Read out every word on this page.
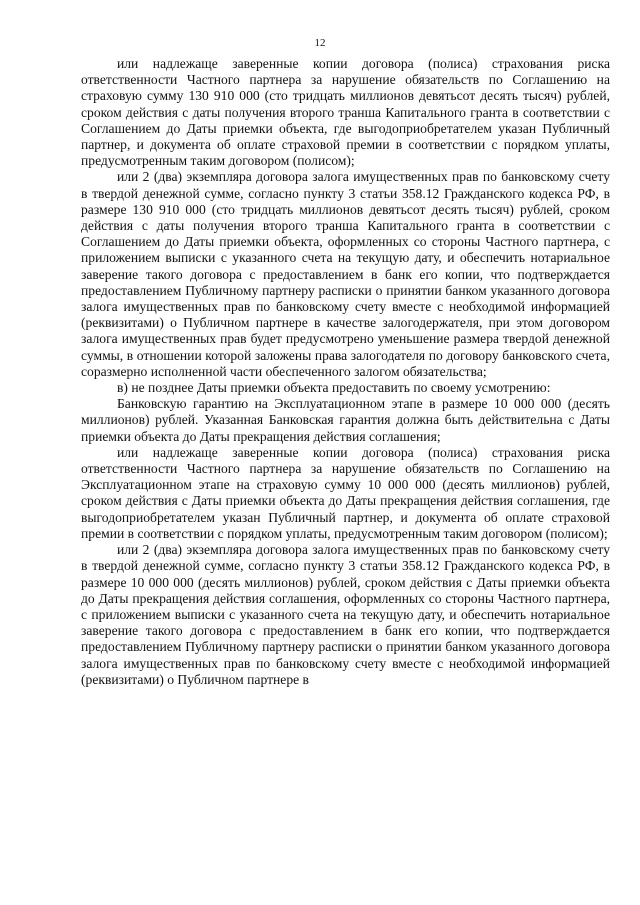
12

или надлежаще заверенные копии договора (полиса) страхования риска ответственности Частного партнера за нарушение обязательств по Соглашению на страховую сумму 130 910 000 (сто тридцать миллионов девятьсот десять тысяч) рублей, сроком действия с даты получения второго транша Капитального гранта в соответствии с Соглашением до Даты приемки объекта, где выгодоприобретателем указан Публичный партнер, и документа об оплате страховой премии в соответствии с порядком уплаты, предусмотренным таким договором (полисом);

или 2 (два) экземпляра договора залога имущественных прав по банковскому счету в твердой денежной сумме, согласно пункту 3 статьи 358.12 Гражданского кодекса РФ, в размере 130 910 000 (сто тридцать миллионов девятьсот десять тысяч) рублей, сроком действия с даты получения второго транша Капитального гранта в соответствии с Соглашением до Даты приемки объекта, оформленных со стороны Частного партнера, с приложением выписки с указанного счета на текущую дату, и обеспечить нотариальное заверение такого договора с предоставлением в банк его копии, что подтверждается предоставлением Публичному партнеру расписки о принятии банком указанного договора залога имущественных прав по банковскому счету вместе с необходимой информацией (реквизитами) о Публичном партнере в качестве залогодержателя, при этом договором залога имущественных прав будет предусмотрено уменьшение размера твердой денежной суммы, в отношении которой заложены права залогодателя по договору банковского счета, соразмерно исполненной части обеспеченного залогом обязательства;

в) не позднее Даты приемки объекта предоставить по своему усмотрению:

Банковскую гарантию на Эксплуатационном этапе в размере 10 000 000 (десять миллионов) рублей. Указанная Банковская гарантия должна быть действительна с Даты приемки объекта до Даты прекращения действия соглашения;

или надлежаще заверенные копии договора (полиса) страхования риска ответственности Частного партнера за нарушение обязательств по Соглашению на Эксплуатационном этапе на страховую сумму 10 000 000 (десять миллионов) рублей, сроком действия с Даты приемки объекта до Даты прекращения действия соглашения, где выгодоприобретателем указан Публичный партнер, и документа об оплате страховой премии в соответствии с порядком уплаты, предусмотренным таким договором (полисом);

или 2 (два) экземпляра договора залога имущественных прав по банковскому счету в твердой денежной сумме, согласно пункту 3 статьи 358.12 Гражданского кодекса РФ, в размере 10 000 000 (десять миллионов) рублей, сроком действия с Даты приемки объекта до Даты прекращения действия соглашения, оформленных со стороны Частного партнера, с приложением выписки с указанного счета на текущую дату, и обеспечить нотариальное заверение такого договора с предоставлением в банк его копии, что подтверждается предоставлением Публичному партнеру расписки о принятии банком указанного договора залога имущественных прав по банковскому счету вместе с необходимой информацией (реквизитами) о Публичном партнере в
